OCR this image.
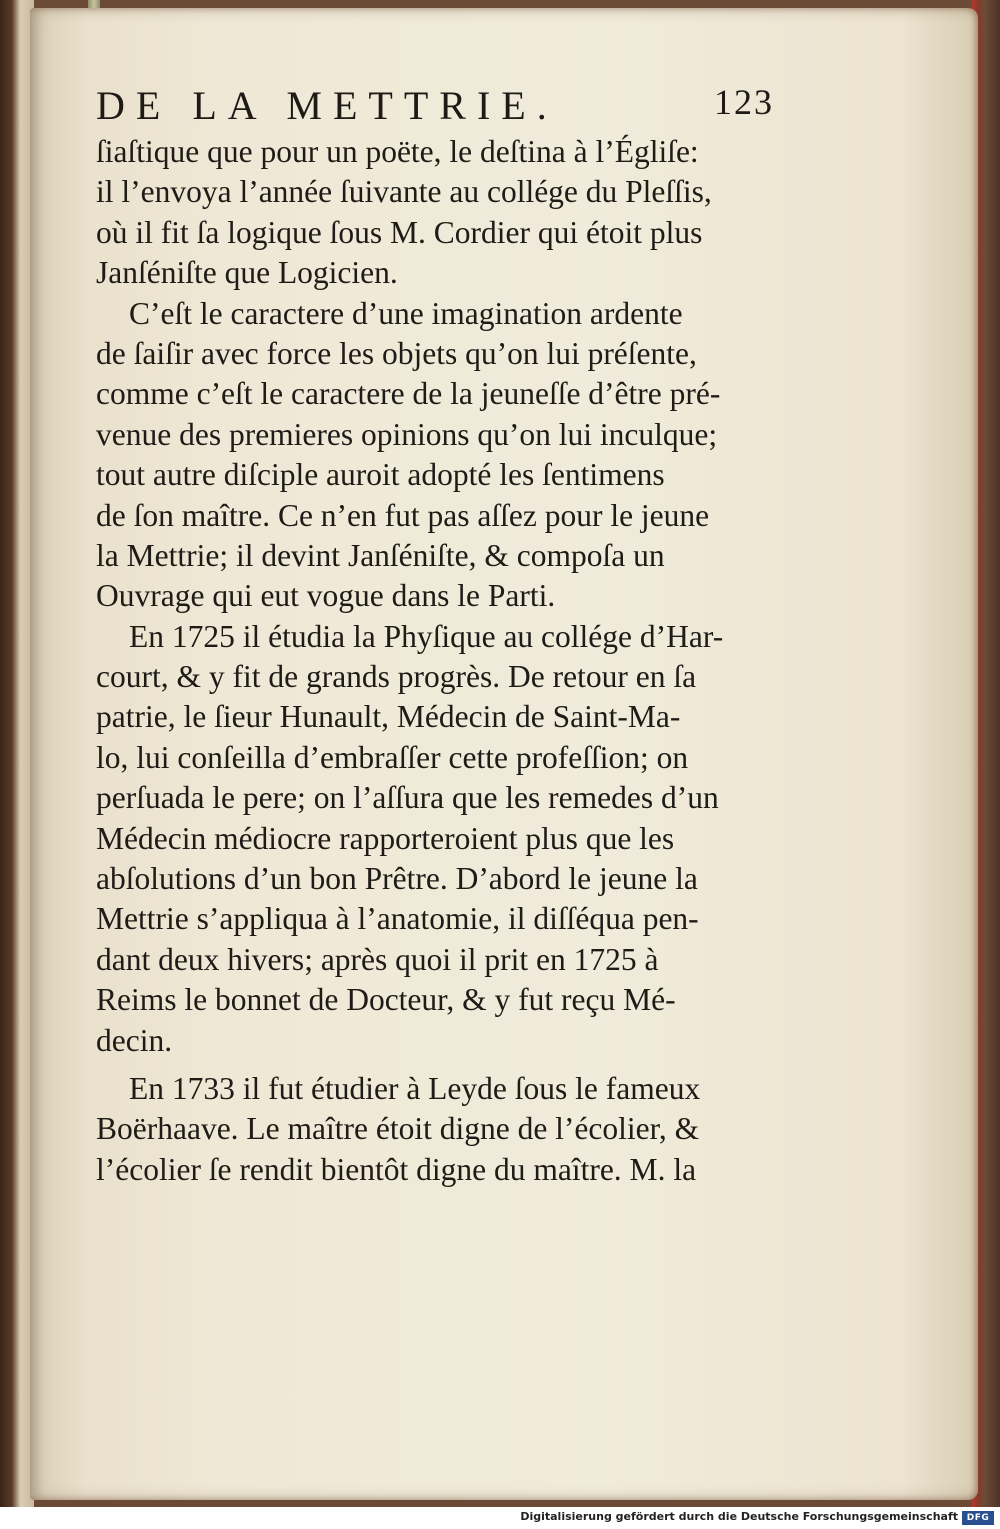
DE LA METTRIE.	123
ſiaſtique que pour un poëte, le deſtina à l’Égliſe:
il l’envoya l’année ſuivante au collége du Pleſſis,
où il fit ſa logique ſous M. Cordier qui étoit plus
Janſéniſte que Logicien.
C’eſt le caractere d’une imagination ardente
de ſaiſir avec force les objets qu’on lui préſente,
comme c’eſt le caractere de la jeuneſſe d’être pré-
venue des premieres opinions qu’on lui inculque;
tout autre diſciple auroit adopté les ſentimens
de ſon maître. Ce n’en fut pas aſſez pour le jeune
la Mettrie; il devint Janſéniſte, & compoſa un
Ouvrage qui eut vogue dans le Parti.
En 1725 il étudia la Phyſique au collége d’Har-
court, & y fit de grands progrès. De retour en ſa
patrie, le ſieur Hunault, Médecin de Saint-Ma-
lo, lui conſeilla d’embraſſer cette profeſſion; on
perſuada le pere; on l’aſſura que les remedes d’un
Médecin médiocre rapporteroient plus que les
abſolutions d’un bon Prêtre. D’abord le jeune la
Mettrie s’appliqua à l’anatomie, il diſſéqua pen-
dant deux hivers; après quoi il prit en 1725 à
Reims le bonnet de Docteur, & y fut reçu Mé-
decin.
En 1733 il fut étudier à Leyde ſous le fameux
Boërhaave. Le maître étoit digne de l’écolier, &
l’écolier ſe rendit bientôt digne du maître. M. la
Digitalisierung gefördert durch die Deutsche Forschungsgemeinschaft DFG
